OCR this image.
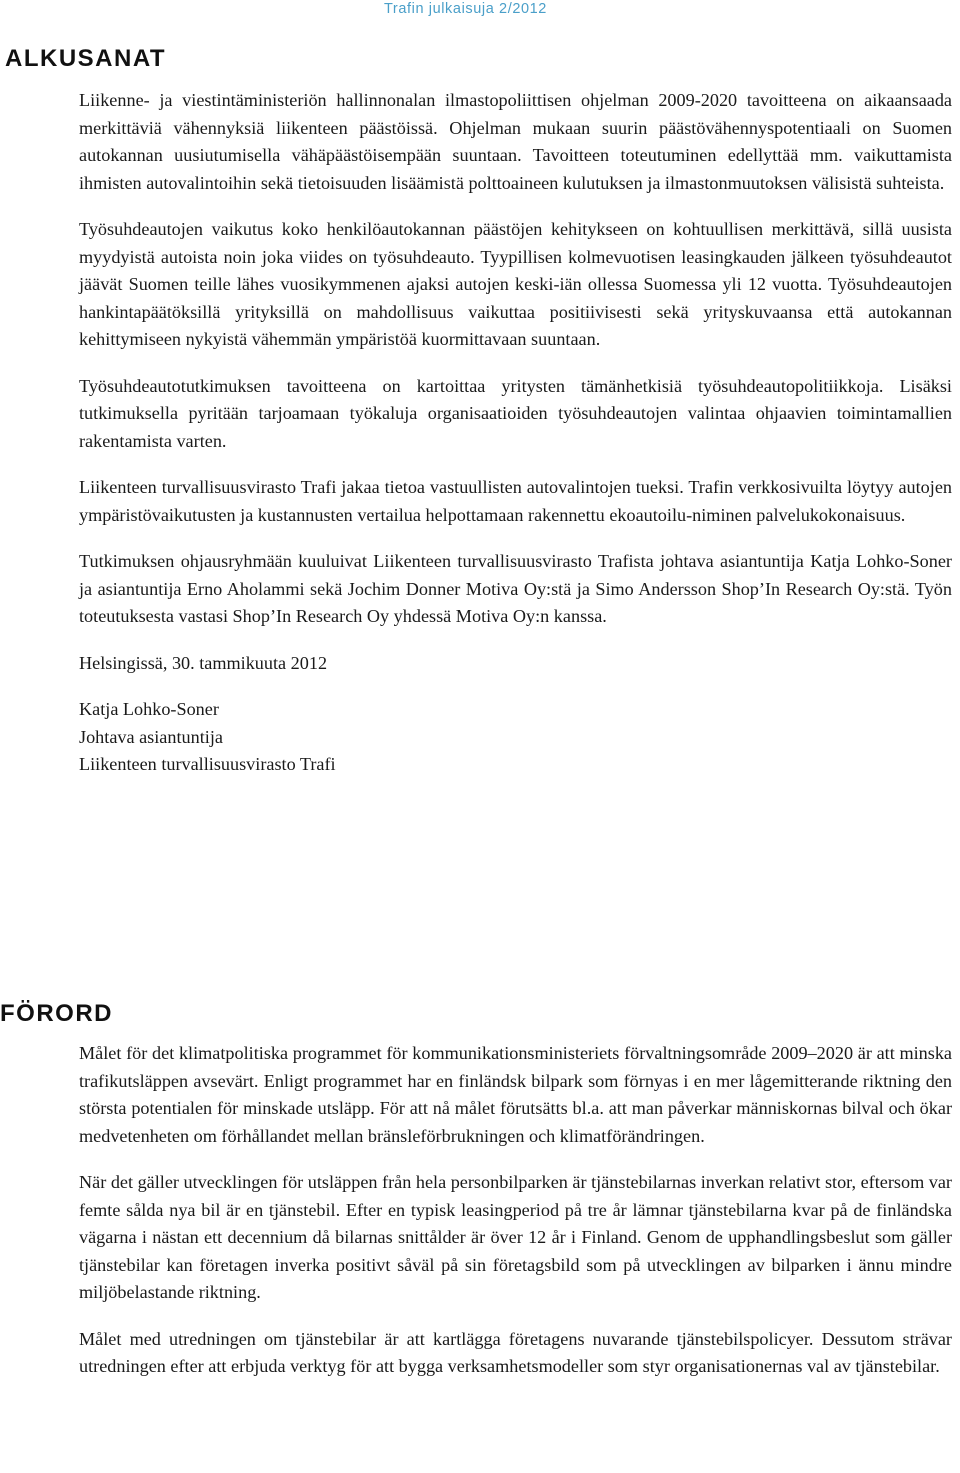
Trafin julkaisuja 2/2012
ALKUSANAT

Liikenne- ja viestintäministeriön hallinnonalan ilmastopoliittisen ohjelman 2009-2020 tavoitteena on aikaansaada merkittäviä vähennyksiä liikenteen päästöissä. Ohjelman mukaan suurin päästövähennyspotentiaali on Suomen autokannan uusiutumisella vähäpäästöisempään suuntaan. Tavoitteen toteutuminen edellyttää mm. vaikuttamista ihmisten autovalintoihin sekä tietoisuuden lisäämistä polttoaineen kulutuksen ja ilmastonmuutoksen välisistä suhteista.

Työsuhdeautojen vaikutus koko henkilöautokannan päästöjen kehitykseen on kohtuullisen merkittävä, sillä uusista myydyistä autoista noin joka viides on työsuhdeauto. Tyypillisen kolmevuotisen leasingkauden jälkeen työsuhdeautot jäävät Suomen teille lähes vuosikymmenen ajaksi autojen keski-iän ollessa Suomessa yli 12 vuotta. Työsuhdeautojen hankintapäätöksillä yrityksillä on mahdollisuus vaikuttaa positiivisesti sekä yrityskuvaansa että autokannan kehittymiseen nykyistä vähemmän ympäristöä kuormittavaan suuntaan.

Työsuhdeautotutkimuksen tavoitteena on kartoittaa yritysten tämänhetkisiä työsuhdeautopolitiikkoja. Lisäksi tutkimuksella pyritään tarjoamaan työkaluja organisaatioiden työsuhdeautojen valintaa ohjaavien toimintamallien rakentamista varten.

Liikenteen turvallisuusvirasto Trafi jakaa tietoa vastuullisten autovalintojen tueksi. Trafin verkkosivuilta löytyy autojen ympäristövaikutusten ja kustannusten vertailua helpottamaan rakennettu ekoautoilu-niminen palvelukokonaisuus.

Tutkimuksen ohjausryhmään kuuluivat Liikenteen turvallisuusvirasto Trafista johtava asiantuntija Katja Lohko-Soner ja asiantuntija Erno Aholammi sekä Jochim Donner Motiva Oy:stä ja Simo Andersson Shop’In Research Oy:stä. Työn toteutuksesta vastasi Shop’In Research Oy yhdessä Motiva Oy:n kanssa.

Helsingissä, 30. tammikuuta 2012

Katja Lohko-Soner
Johtava asiantuntija
Liikenteen turvallisuusvirasto Trafi
FÖRORD

Målet för det klimatpolitiska programmet för kommunikationsministeriets förvaltningsområde 2009–2020 är att minska trafikutsläppen avsevärt. Enligt programmet har en finländsk bilpark som förnyas i en mer lågemitterande riktning den största potentialen för minskade utsläpp. För att nå målet förutsätts bl.a. att man påverkar människornas bilval och ökar medvetenheten om förhållandet mellan bränsleförbrukningen och klimatförändringen.

När det gäller utvecklingen för utsläppen från hela personbilparken är tjänstebilarnas inverkan relativt stor, eftersom var femte sålda nya bil är en tjänstebil. Efter en typisk leasingperiod på tre år lämnar tjänstebilarna kvar på de finländska vägarna i nästan ett decennium då bilarnas snittålder är över 12 år i Finland. Genom de upphandlingsbeslut som gäller tjänstebilar kan företagen inverka positivt såväl på sin företagsbild som på utvecklingen av bilparken i ännu mindre miljöbelastande riktning.

Målet med utredningen om tjänstebilar är att kartlägga företagens nuvarande tjänstebilspolicyer. Dessutom strävar utredningen efter att erbjuda verktyg för att bygga verksamhetsmodeller som styr organisationernas val av tjänstebilar.
